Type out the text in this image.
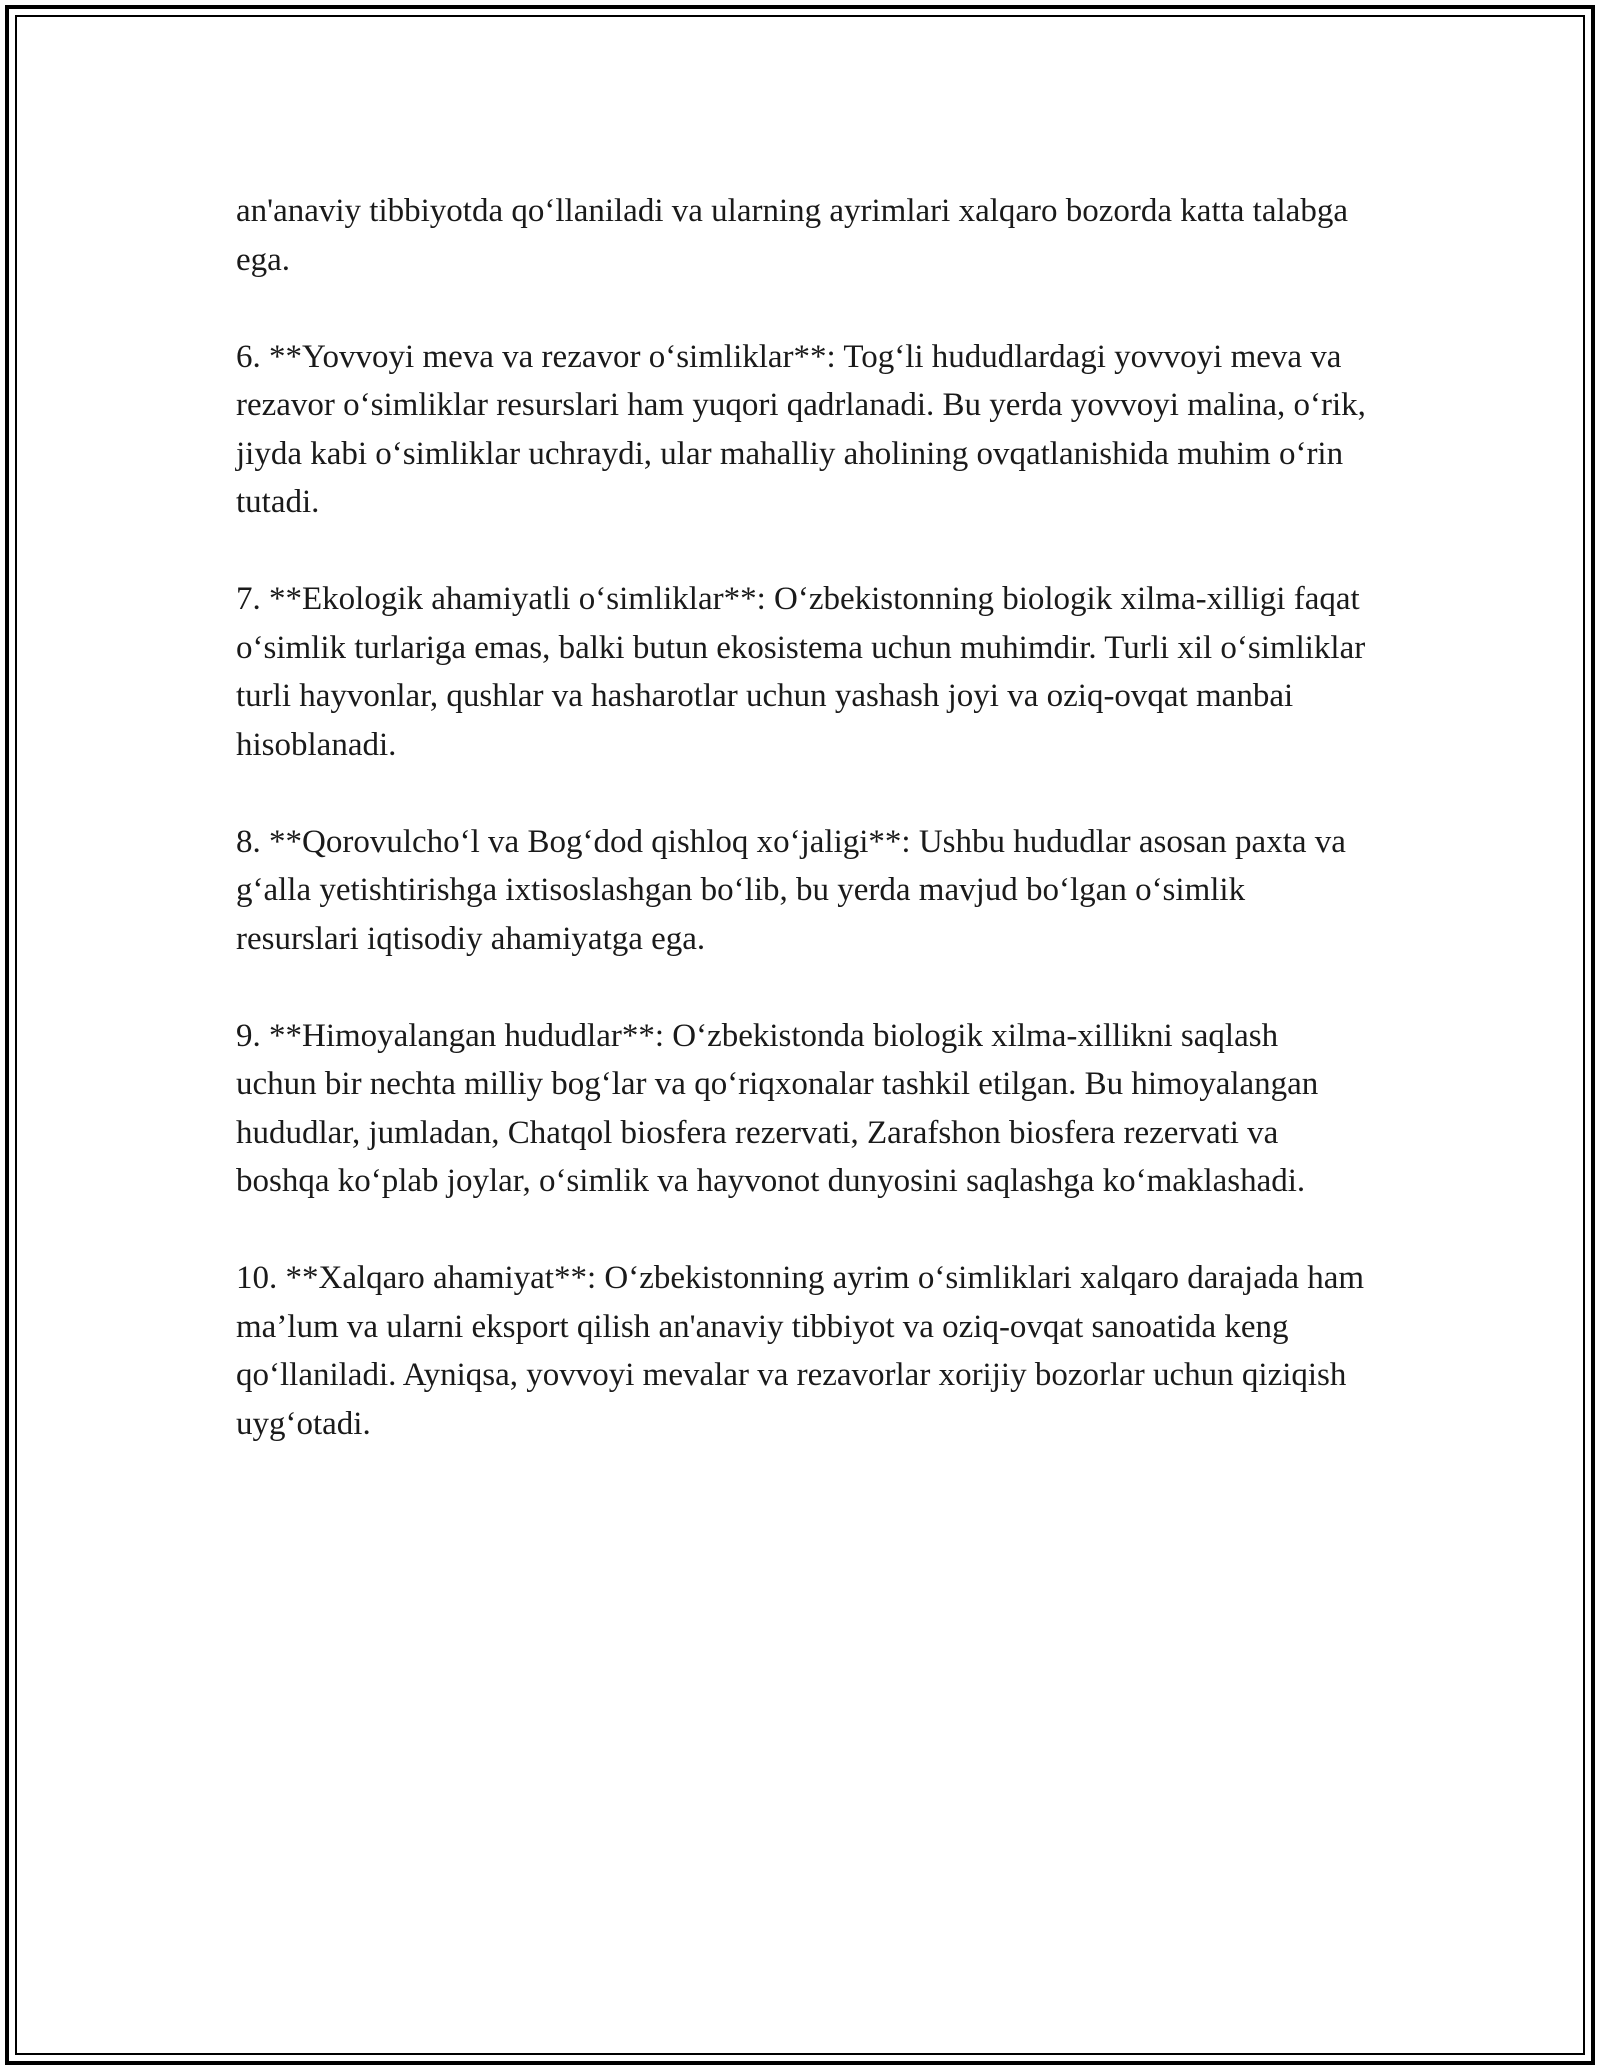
an'anaviy tibbiyotda qo‘llaniladi va ularning ayrimlari xalqaro bozorda katta talabga ega.

6. **Yovvoyi meva va rezavor o‘simliklar**: Tog‘li hududlardagi yovvoyi meva va rezavor o‘simliklar resurslari ham yuqori qadrlanadi. Bu yerda yovvoyi malina, o‘rik, jiyda kabi o‘simliklar uchraydi, ular mahalliy aholining ovqatlanishida muhim o‘rin tutadi.

7. **Ekologik ahamiyatli o‘simliklar**: O‘zbekistonning biologik xilma-xilligi faqat o‘simlik turlariga emas, balki butun ekosistema uchun muhimdir. Turli xil o‘simliklar turli hayvonlar, qushlar va hasharotlar uchun yashash joyi va oziq-ovqat manbai hisoblanadi.

8. **Qorovulcho‘l va Bog‘dod qishloq xo‘jaligi**: Ushbu hududlar asosan paxta va g‘alla yetishtirishga ixtisoslashgan bo‘lib, bu yerda mavjud bo‘lgan o‘simlik resurslari iqtisodiy ahamiyatga ega.

9. **Himoyalangan hududlar**: O‘zbekistonda biologik xilma-xillikni saqlash uchun bir nechta milliy bog‘lar va qo‘riqxonalar tashkil etilgan. Bu himoyalangan hududlar, jumladan, Chatqol biosfera rezervati, Zarafshon biosfera rezervati va boshqa ko‘plab joylar, o‘simlik va hayvonot dunyosini saqlashga ko‘maklashadi.

10. **Xalqaro ahamiyat**: O‘zbekistonning ayrim o‘simliklari xalqaro darajada ham ma’lum va ularni eksport qilish an'anaviy tibbiyot va oziq-ovqat sanoatida keng qo‘llaniladi. Ayniqsa, yovvoyi mevalar va rezavorlar xorijiy bozorlar uchun qiziqish uyg‘otadi.
